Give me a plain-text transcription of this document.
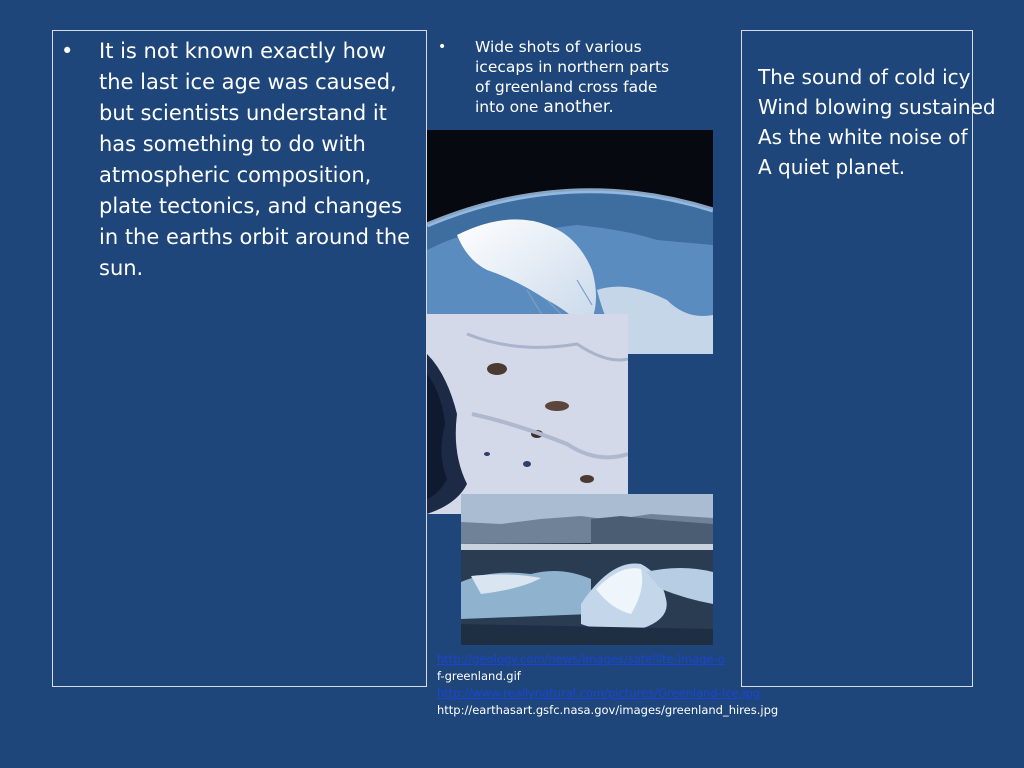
• It is not known exactly how the last ice age was caused, but scientists understand it has something to do with atmospheric composition, plate tectonics, and changes in the earths orbit around the sun.
• Wide shots of various icecaps in northern parts of greenland cross fade into one another.
The sound of cold icy
Wind blowing sustained
As the white noise of
A quiet planet.
http://geology.com/news/images/satellite-image-o
f-greenland.gif
http://www.reallynatural.com/pictures/Greenland-Ice.jpg
http://earthasart.gsfc.nasa.gov/images/greenland_hires.jpg
